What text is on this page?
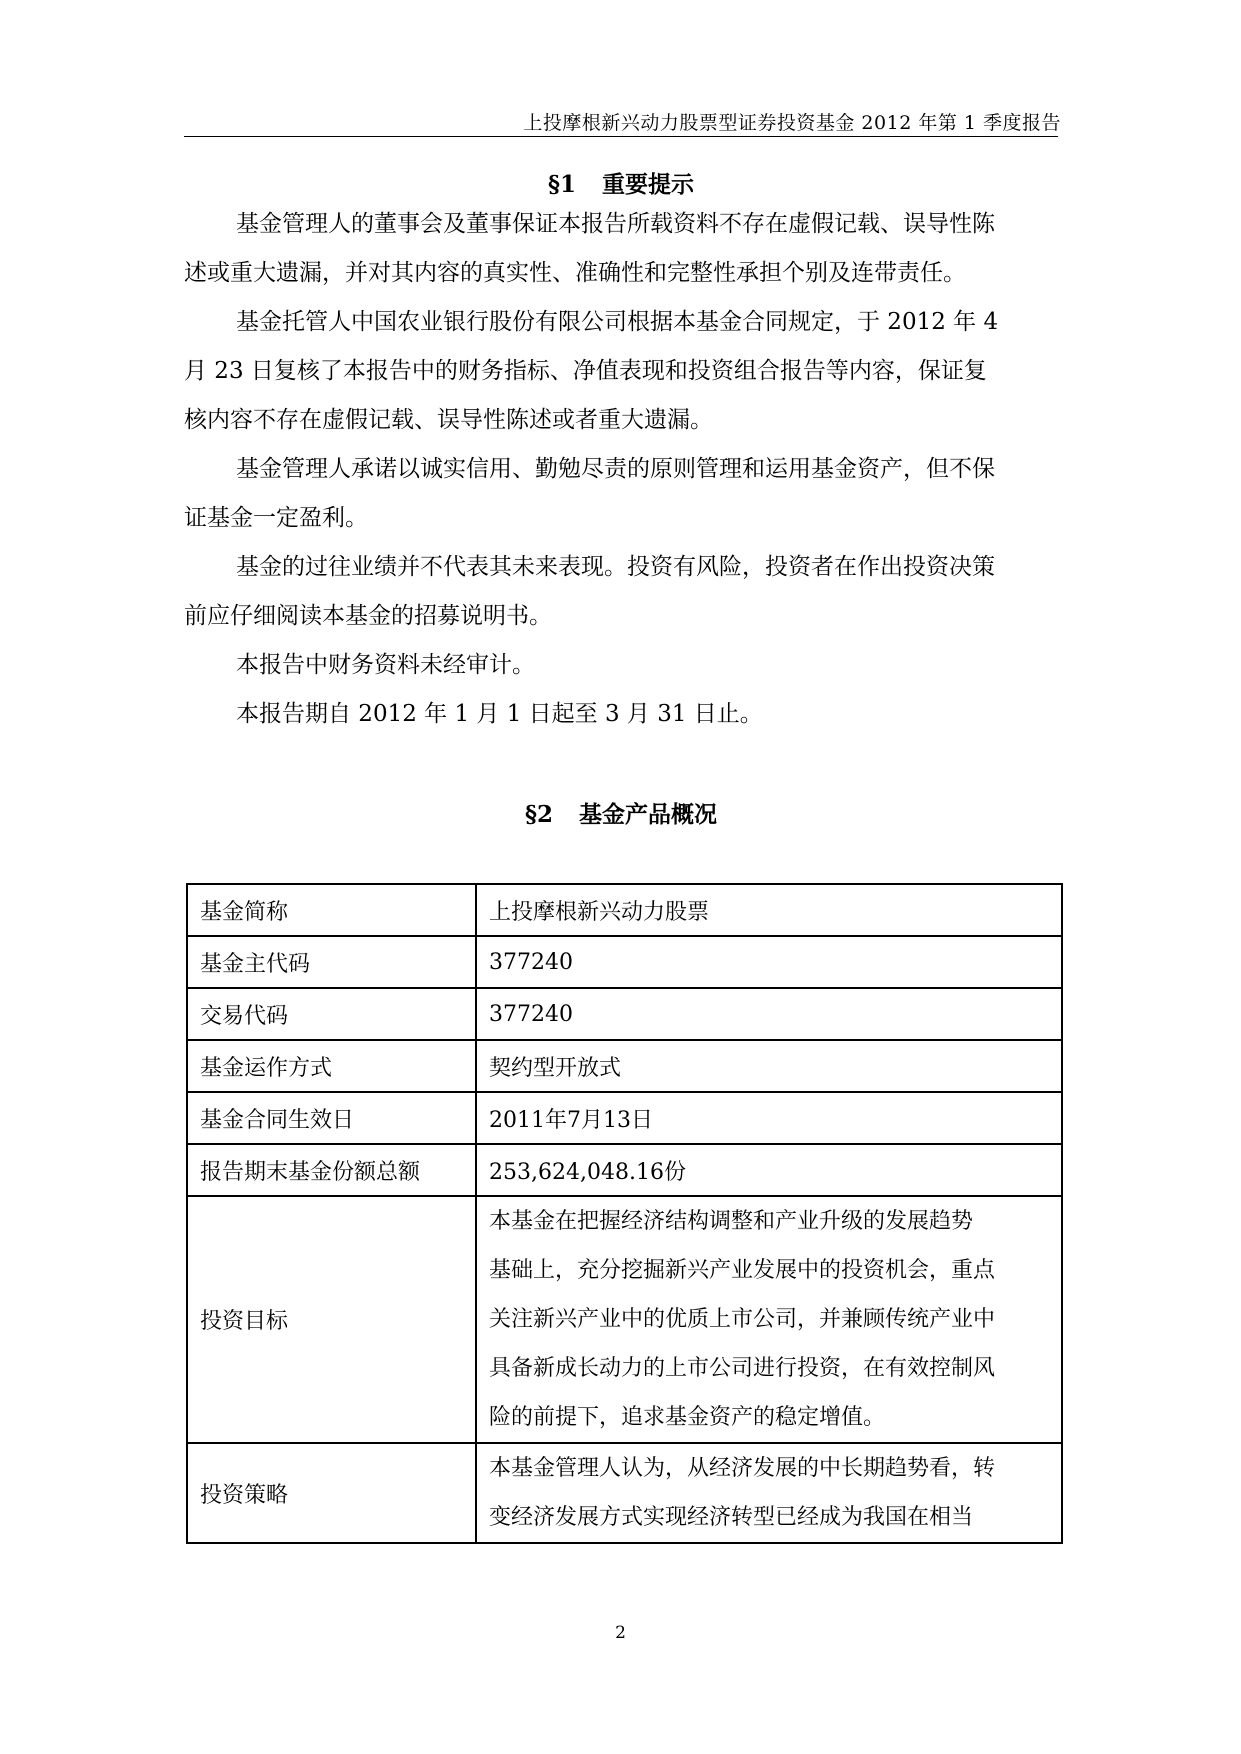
上投摩根新兴动力股票型证券投资基金 2012 年第 1 季度报告
§1 重要提示
基金管理人的董事会及董事保证本报告所载资料不存在虚假记载、误导性陈
述或重大遗漏，并对其内容的真实性、准确性和完整性承担个别及连带责任。
基金托管人中国农业银行股份有限公司根据本基金合同规定，于 2012 年 4
月 23 日复核了本报告中的财务指标、净值表现和投资组合报告等内容，保证复
核内容不存在虚假记载、误导性陈述或者重大遗漏。
基金管理人承诺以诚实信用、勤勉尽责的原则管理和运用基金资产，但不保
证基金一定盈利。
基金的过往业绩并不代表其未来表现。投资有风险，投资者在作出投资决策
前应仔细阅读本基金的招募说明书。
本报告中财务资料未经审计。
本报告期自 2012 年 1 月 1 日起至 3 月 31 日止。
§2 基金产品概况
基金简称	上投摩根新兴动力股票
基金主代码	377240
交易代码	377240
基金运作方式	契约型开放式
基金合同生效日	2011年7月13日
报告期末基金份额总额	253,624,048.16份
投资目标	本基金在把握经济结构调整和产业升级的发展趋势
基础上，充分挖掘新兴产业发展中的投资机会，重点
关注新兴产业中的优质上市公司，并兼顾传统产业中
具备新成长动力的上市公司进行投资，在有效控制风
险的前提下，追求基金资产的稳定增值。

投资策略	本基金管理人认为，从经济发展的中长期趋势看，转
变经济发展方式实现经济转型已经成为我国在相当
2
